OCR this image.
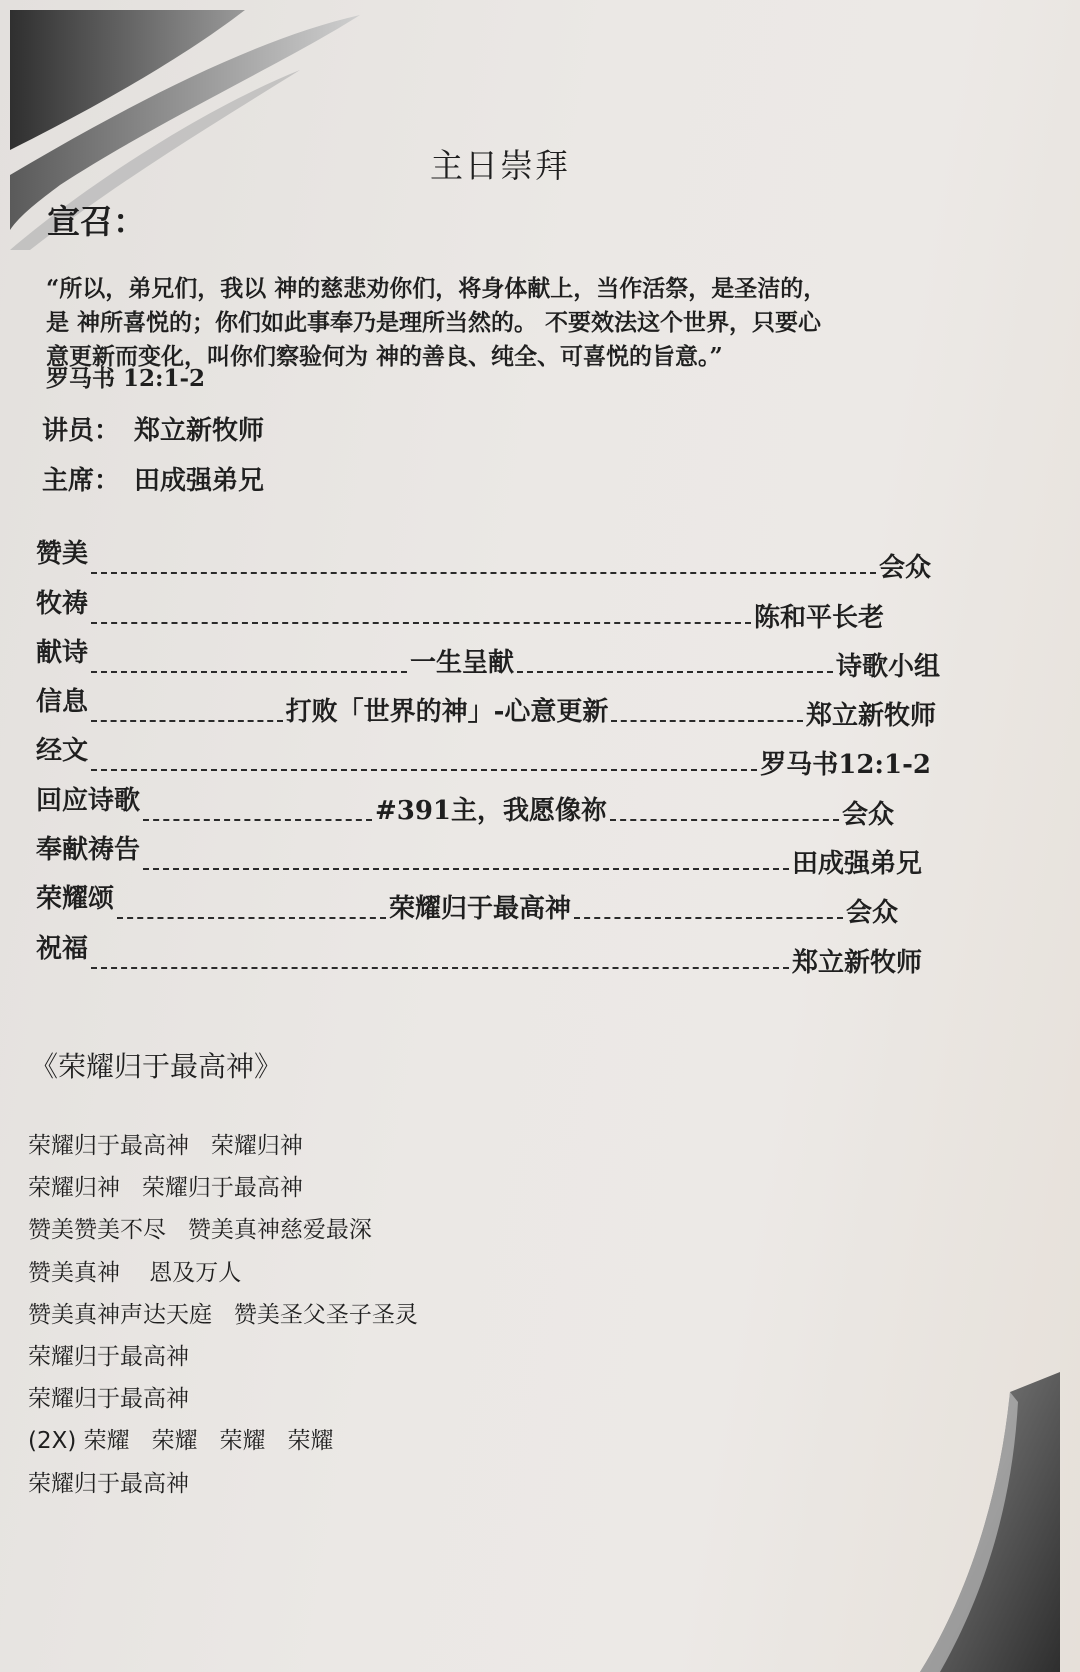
主日崇拜
宣召：
“所以，弟兄们，我以 神的慈悲劝你们，将身体献上，当作活祭，是圣洁的，
是 神所喜悦的；你们如此事奉乃是理所当然的。 不要效法这个世界，只要心
意更新而变化，叫你们察验何为 神的善良、纯全、可喜悦的旨意。”
罗马书 12:1-2
讲员： 郑立新牧师
主席： 田成强弟兄
赞美	会众
牧祷	陈和平长老
献诗	一生呈献	诗歌小组
信息	打败「世界的神」-心意更新	郑立新牧师
经文	罗马书12:1-2
回应诗歌	#391主，我愿像祢	会众
奉献祷告	田成强弟兄
荣耀颂	荣耀归于最高神	会众
祝福	郑立新牧师
《荣耀归于最高神》
荣耀归于最高神   荣耀归神
荣耀归神   荣耀归于最高神
赞美赞美不尽   赞美真神慈爱最深
赞美真神    恩及万人
赞美真神声达天庭   赞美圣父圣子圣灵
荣耀归于最高神
荣耀归于最高神
(2X) 荣耀   荣耀   荣耀   荣耀
荣耀归于最高神
